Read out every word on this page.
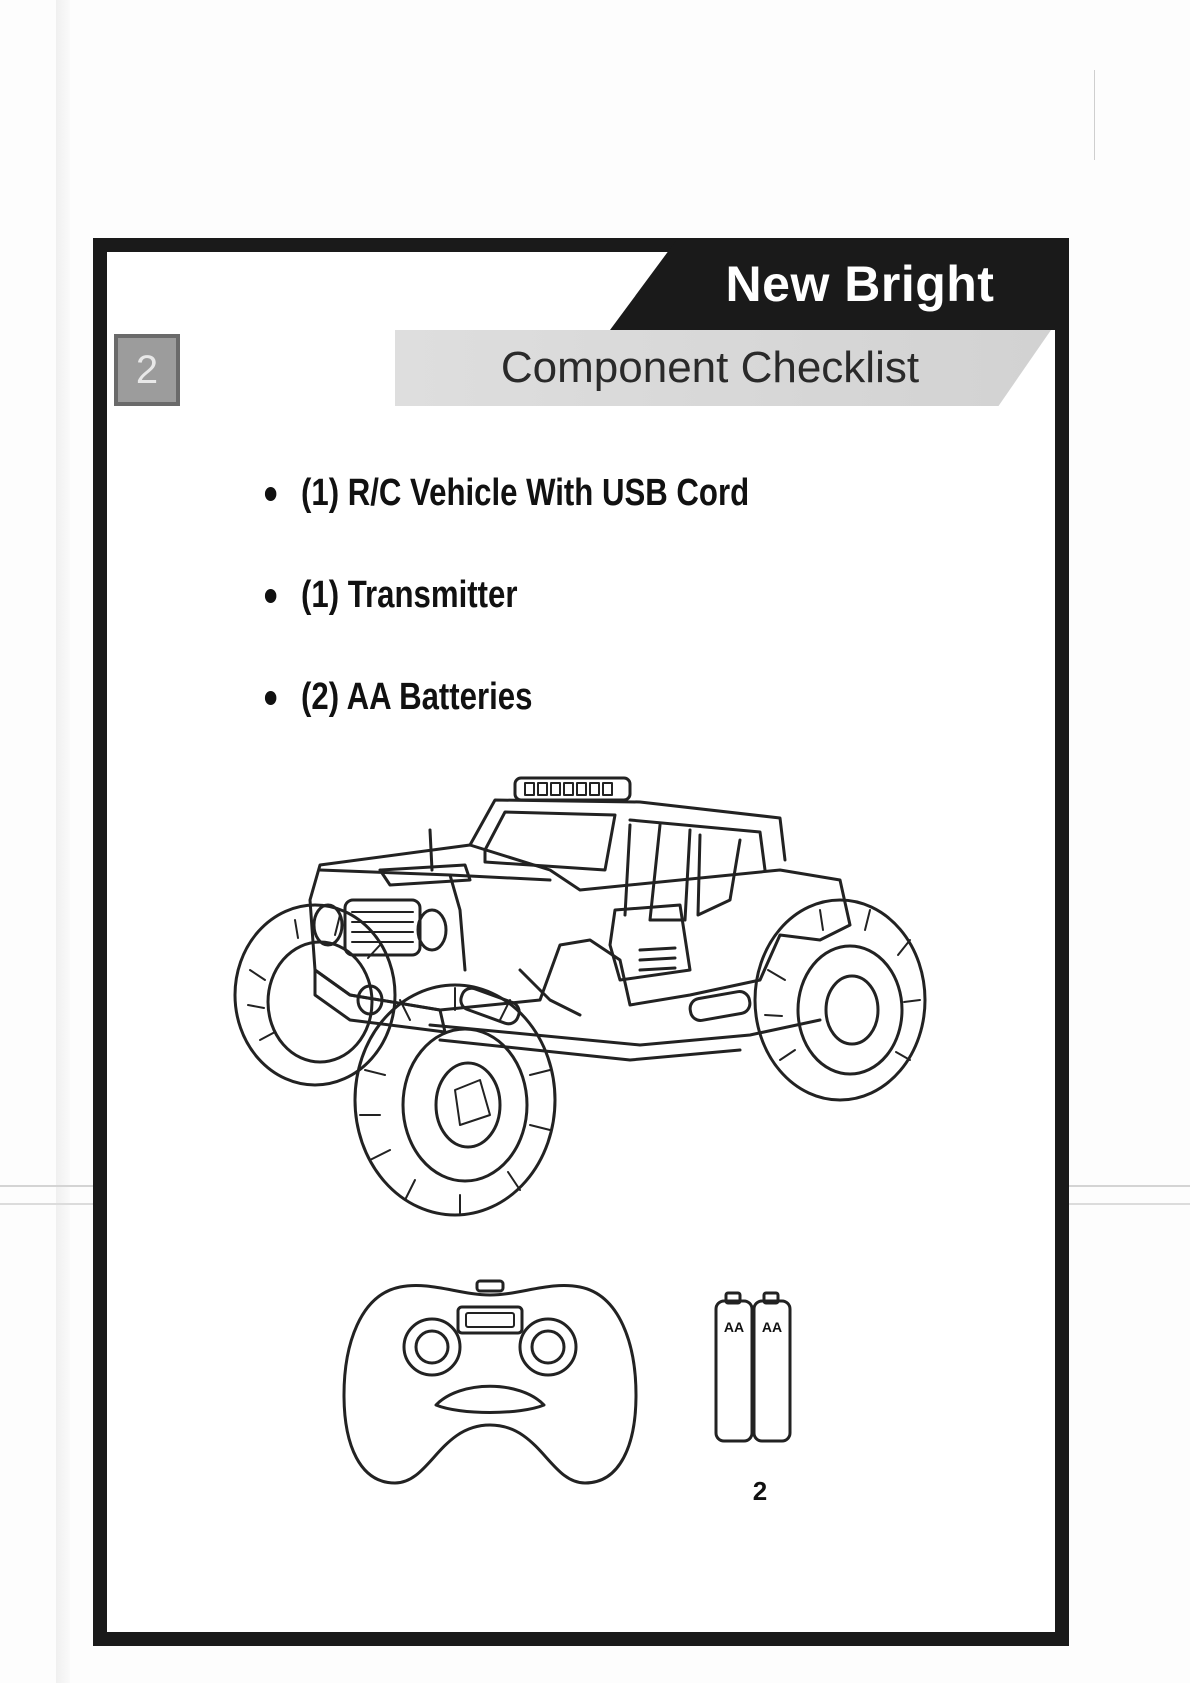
New Bright
Component Checklist
2
(1) R/C Vehicle With USB Cord
(1) Transmitter
(2) AA Batteries
AA AA
2
